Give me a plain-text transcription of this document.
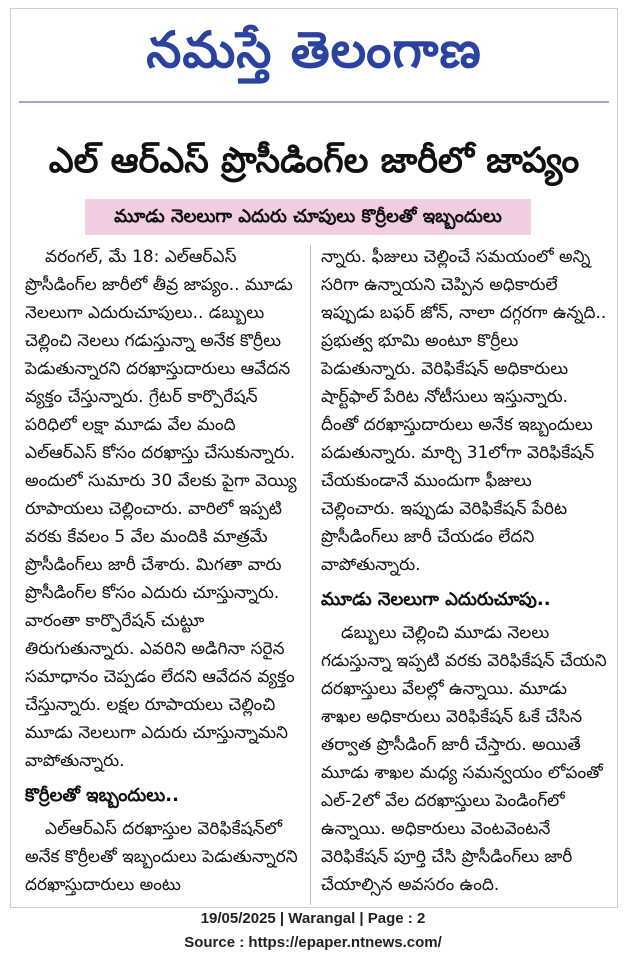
నమస్తే తెలంగాణ
ఎల్ ఆర్ఎస్ ప్రొసీడింగ్‌ల జారీలో జాప్యం
మూడు నెలలుగా ఎదురు చూపులు కొర్రీలతో ఇబ్బందులు

వరంగల్, మే 18: ఎల్ఆర్ఎస్ ప్రొసీడింగ్‌ల జారీలో తీవ్ర జాప్యం.. మూడు నెలలుగా ఎదురుచూపులు.. డబ్బులు చెల్లించి నెలలు గడుస్తున్నా అనేక కొర్రీలు పెడుతున్నారని దరఖాస్తుదారులు ఆవేదన వ్యక్తం చేస్తున్నారు. గ్రేటర్ కార్పొరేషన్ పరిధిలో లక్షా మూడు వేల మంది ఎల్ఆర్ఎస్ కోసం దరఖాస్తు చేసుకున్నారు. అందులో సుమారు 30 వేలకు పైగా వెయ్యి రూపాయలు చెల్లించారు. వారిలో ఇప్పటి వరకు కేవలం 5 వేల మందికి మాత్రమే ప్రొసీడింగ్‌లు జారీ చేశారు. మిగతా వారు ప్రొసీడింగ్‌ల కోసం ఎదురు చూస్తున్నారు. వారంతా కార్పొరేషన్ చుట్టూ తిరుగుతున్నారు. ఎవరిని అడిగినా సరైన సమాధానం చెప్పడం లేదని ఆవేదన వ్యక్తం చేస్తున్నారు. లక్షల రూపాయలు చెల్లించి మూడు నెలలుగా ఎదురు చూస్తున్నామని వాపోతున్నారు.

కొర్రీలతో ఇబ్బందులు..

ఎల్ఆర్ఎస్ దరఖాస్తుల వెరిఫికేషన్‌లో అనేక కొర్రీలతో ఇబ్బందులు పెడుతున్నారని దరఖాస్తుదారులు అంటు

న్నారు. ఫీజులు చెల్లించే సమయంలో అన్ని సరిగా ఉన్నాయని చెప్పిన అధికారులే ఇప్పుడు బఫర్ జోన్, నాలా దగ్గరగా ఉన్నది.. ప్రభుత్వ భూమి అంటూ కొర్రీలు పెడుతున్నారు. వెరిఫికేషన్ అధికారులు షార్ట్‌ఫాల్ పేరిట నోటీసులు ఇస్తున్నారు. దీంతో దరఖాస్తుదారులు అనేక ఇబ్బందులు పడుతున్నారు. మార్చి 31లోగా వెరిఫికేషన్ చేయకుండానే ముందుగా ఫీజులు చెల్లించారు. ఇప్పుడు వెరిఫికేషన్ పేరిట ప్రొసీడింగ్‌లు జారీ చేయడం లేదని వాపోతున్నారు.

మూడు నెలలుగా ఎదురుచూపు..

డబ్బులు చెల్లించి మూడు నెలలు గడుస్తున్నా ఇప్పటి వరకు వెరిఫికేషన్ చేయని దరఖాస్తులు వేలల్లో ఉన్నాయి. మూడు శాఖల అధికారులు వెరిఫికేషన్ ఓకే చేసిన తర్వాత ప్రొసీడింగ్ జారీ చేస్తారు. అయితే మూడు శాఖల మధ్య సమన్వయం లోపంతో ఎల్-2లో వేల దరఖాస్తులు పెండింగ్‌లో ఉన్నాయి. అధికారులు వెంటవెంటనే వెరిఫికేషన్ పూర్తి చేసి ప్రొసీడింగ్‌లు జారీ చేయాల్సిన అవసరం ఉంది.

19/05/2025 | Warangal | Page : 2
Source : https://epaper.ntnews.com/
